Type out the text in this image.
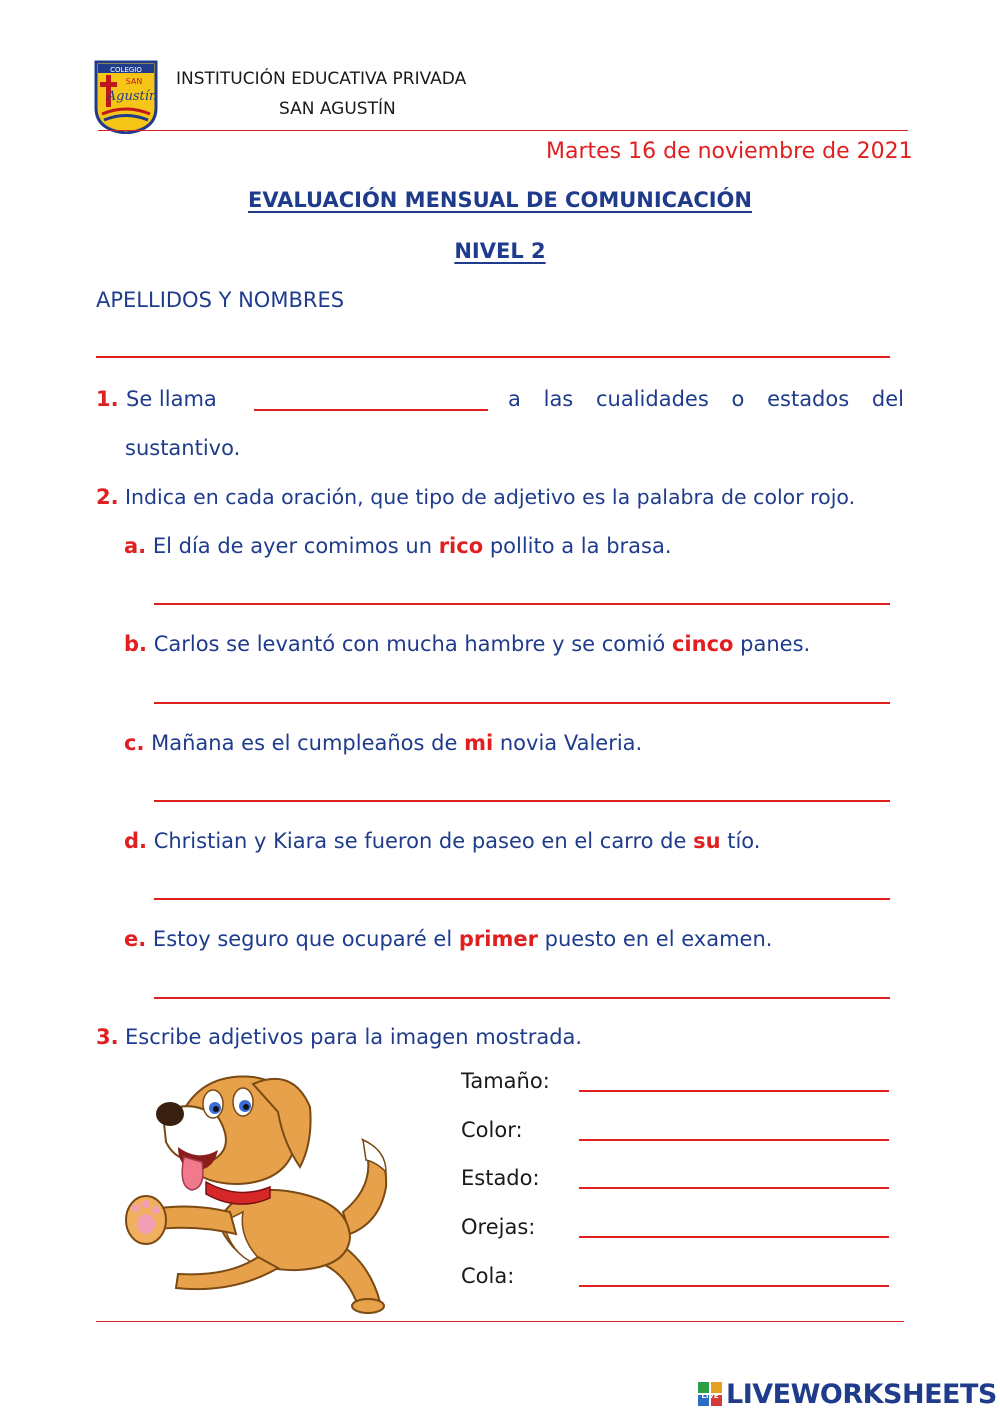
COLEGIO
SAN
Agustín
INSTITUCIÓN EDUCATIVA PRIVADA
SAN AGUSTÍN
Martes 16 de noviembre de 2021
EVALUACIÓN MENSUAL DE COMUNICACIÓN
NIVEL 2
APELLIDOS Y NOMBRES
1. Se llama	a las cualidades o estados del
sustantivo.
2. Indica en cada oración, que tipo de adjetivo es la palabra de color rojo.
a. El día de ayer comimos un rico pollito a la brasa.
b. Carlos se levantó con mucha hambre y se comió cinco panes.
c. Mañana es el cumpleaños de mi novia Valeria.
d. Christian y Kiara se fueron de paseo en el carro de su tío.
e. Estoy seguro que ocuparé el primer puesto en el examen.
3. Escribe adjetivos para la imagen mostrada.
Tamaño:
Color:
Estado:
Orejas:
Cola:
LIVE LIVEWORKSHEETS
